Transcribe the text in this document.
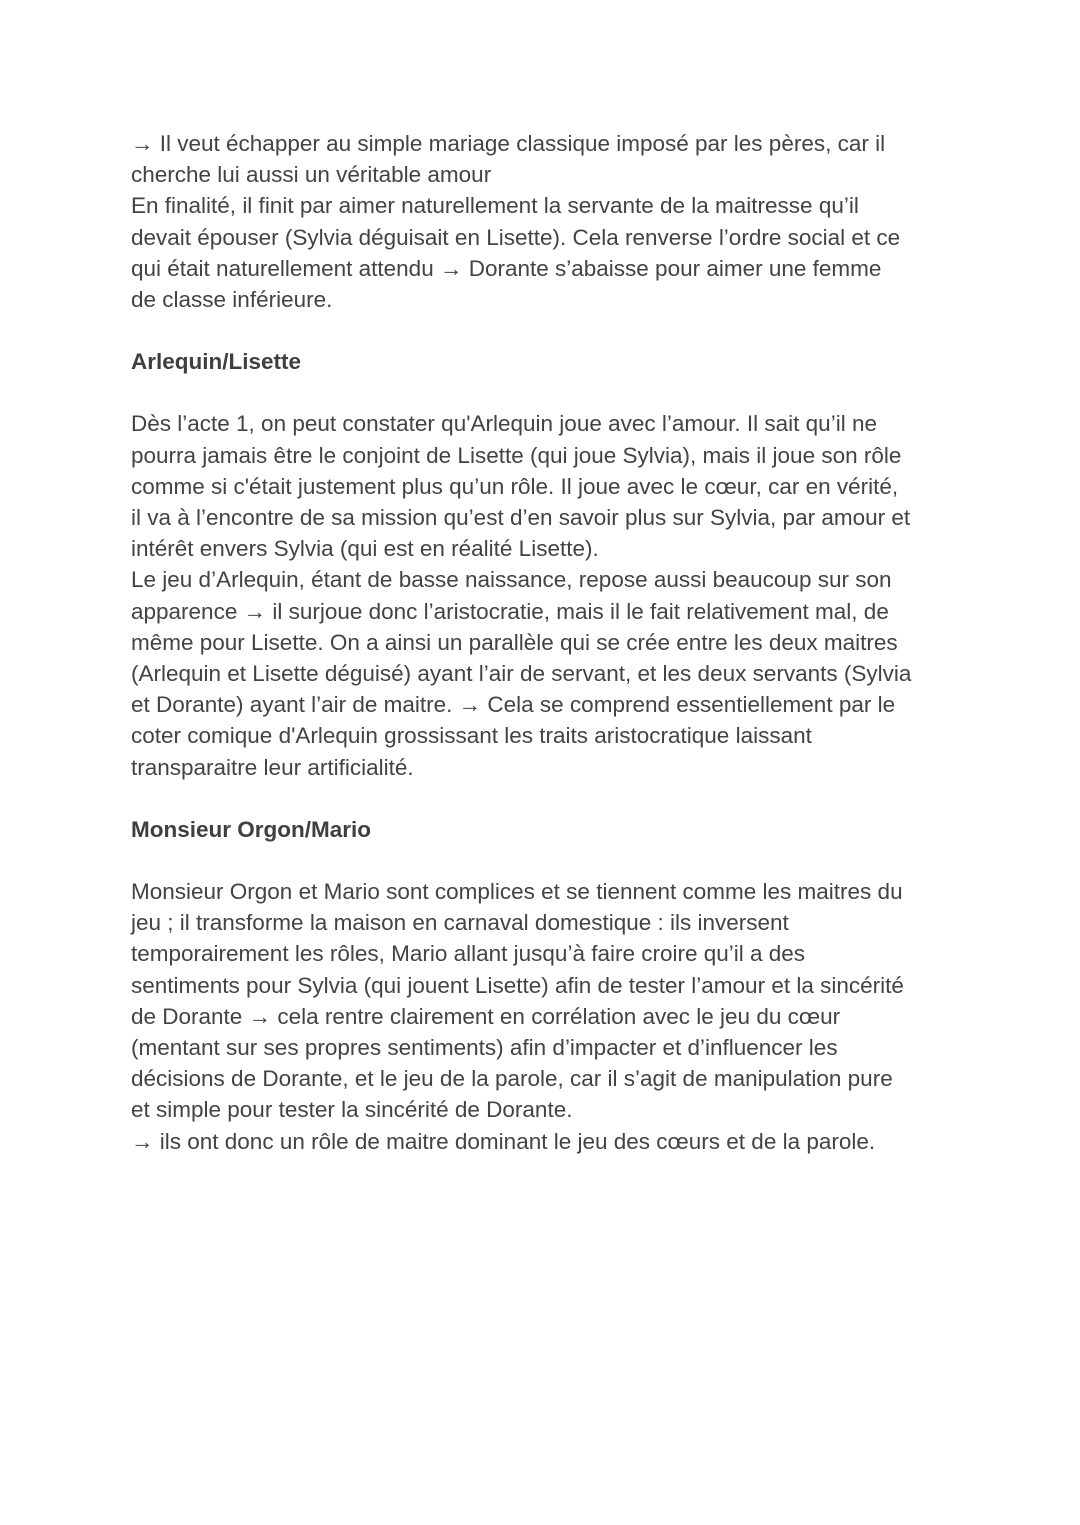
→ Il veut échapper au simple mariage classique imposé par les pères, car il
cherche lui aussi un véritable amour
En finalité, il finit par aimer naturellement la servante de la maitresse qu’il
devait épouser (Sylvia déguisait en Lisette). Cela renverse l’ordre social et ce
qui était naturellement attendu → Dorante s’abaisse pour aimer une femme
de classe inférieure.

Arlequin/Lisette

Dès l’acte 1, on peut constater qu'Arlequin joue avec l’amour. Il sait qu’il ne
pourra jamais être le conjoint de Lisette (qui joue Sylvia), mais il joue son rôle
comme si c'était justement plus qu’un rôle. Il joue avec le cœur, car en vérité,
il va à l’encontre de sa mission qu’est d’en savoir plus sur Sylvia, par amour et
intérêt envers Sylvia (qui est en réalité Lisette).
Le jeu d’Arlequin, étant de basse naissance, repose aussi beaucoup sur son
apparence → il surjoue donc l’aristocratie, mais il le fait relativement mal, de
même pour Lisette. On a ainsi un parallèle qui se crée entre les deux maitres
(Arlequin et Lisette déguisé) ayant l’air de servant, et les deux servants (Sylvia
et Dorante) ayant l’air de maitre. → Cela se comprend essentiellement par le
coter comique d'Arlequin grossissant les traits aristocratique laissant
transparaitre leur artificialité.

Monsieur Orgon/Mario

Monsieur Orgon et Mario sont complices et se tiennent comme les maitres du
jeu ; il transforme la maison en carnaval domestique : ils inversent
temporairement les rôles, Mario allant jusqu’à faire croire qu’il a des
sentiments pour Sylvia (qui jouent Lisette) afin de tester l’amour et la sincérité
de Dorante → cela rentre clairement en corrélation avec le jeu du cœur
(mentant sur ses propres sentiments) afin d’impacter et d’influencer les
décisions de Dorante, et le jeu de la parole, car il s’agit de manipulation pure
et simple pour tester la sincérité de Dorante.
→ ils ont donc un rôle de maitre dominant le jeu des cœurs et de la parole.
